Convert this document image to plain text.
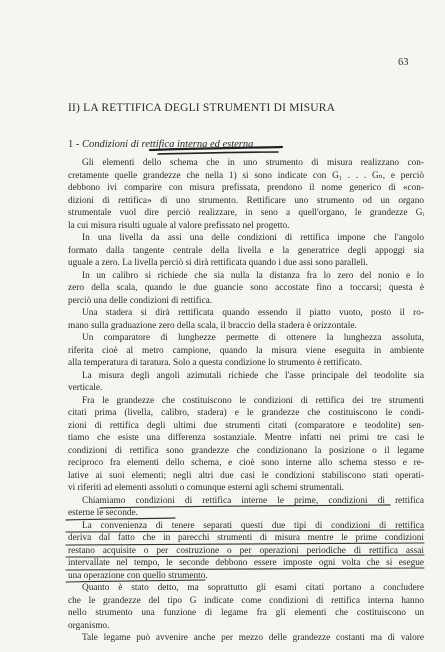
63
II) LA RETTIFICA DEGLI STRUMENTI DI MISURA
1 - Condizioni di rettifica interna ed esterna
Gli elementi dello schema che in uno strumento di misura realizzano con-
cretamente quelle grandezze che nella 1) si sono indicate con G₁ . . . Gₙ, e perciò
debbono ivi comparire con misura prefissata, prendono il nome generico di «con-
dizioni di rettifica» di uno strumento. Rettificare uno strumento od un organo
strumentale vuol dire perciò realizzare, in seno a quell'organo, le grandezze Gᵢ
la cui misura risulti uguale al valore prefissato nel progetto.
In una livella da assi una delle condizioni di rettifica impone che l'angolo
formato dalla tangente centrale della livella e la generatrice degli appoggi sia
uguale a zero. La livella perciò si dirà rettificata quando i due assi sono paralleli.
In un calibro si richiede che sia nulla la distanza fra lo zero del nonio e lo
zero della scala, quando le due guancie sono accostate fino a toccarsi; questa è
perciò una delle condizioni di rettifica.
Una stadera si dirà rettificata quando essendo il piatto vuoto, posto il ro-
mano sulla graduazione zero della scala, il braccio della stadera è orizzontale.
Un comparatore di lunghezze permette di ottenere la lunghezza assoluta,
riferita cioè al metro campione, quando la misura viene eseguita in ambiente
alla temperatura di taratura. Solo a questa condizione lo strumento è rettificato.
La misura degli angoli azimutali richiede che l'asse principale del teodolite sia
verticale.
Fra le grandezze che costituiscono le condizioni di rettifica dei tre strumenti
citati prima (livella, calibro, stadera) e le grandezze che costituiscono le condi-
zioni di rettifica degli ultimi due strumenti citati (comparatore e teodolite) sen-
tiamo che esiste una differenza sostanziale. Mentre infatti nei primi tre casi le
condizioni di rettifica sono grandezze che condizionano la posizione o il legame
reciproco fra elementi dello schema, e cioè sono interne allo schema stesso e re-
lative ai suoi elementi; negli altri due casi le condizioni stabiliscono stati operati-
vi riferiti ad elementi assoluti o comunque esterni agli schemi strumentali.
Chiamiamo condizioni di rettifica interne le prime, condizioni di rettifica
esterne le seconde.
La convenienza di tenere separati questi due tipi di condizioni di rettifica
deriva dal fatto che in parecchi strumenti di misura mentre le prime condizioni
restano acquisite o per costruzione o per operazioni periodiche di rettifica assai
intervallate nel tempo, le seconde debbono essere imposte ogni volta che si esegue
una operazione con quello strumento.
Quanto è stato detto, ma soprattutto gli esami citati portano a concludere
che le grandezze del tipo G indicate come condizioni di rettifica interna hanno
nello strumento una funzione di legame fra gli elementi che costituiscono un
organismo.
Tale legame può avvenire anche per mezzo delle grandezze costanti ma di valore
